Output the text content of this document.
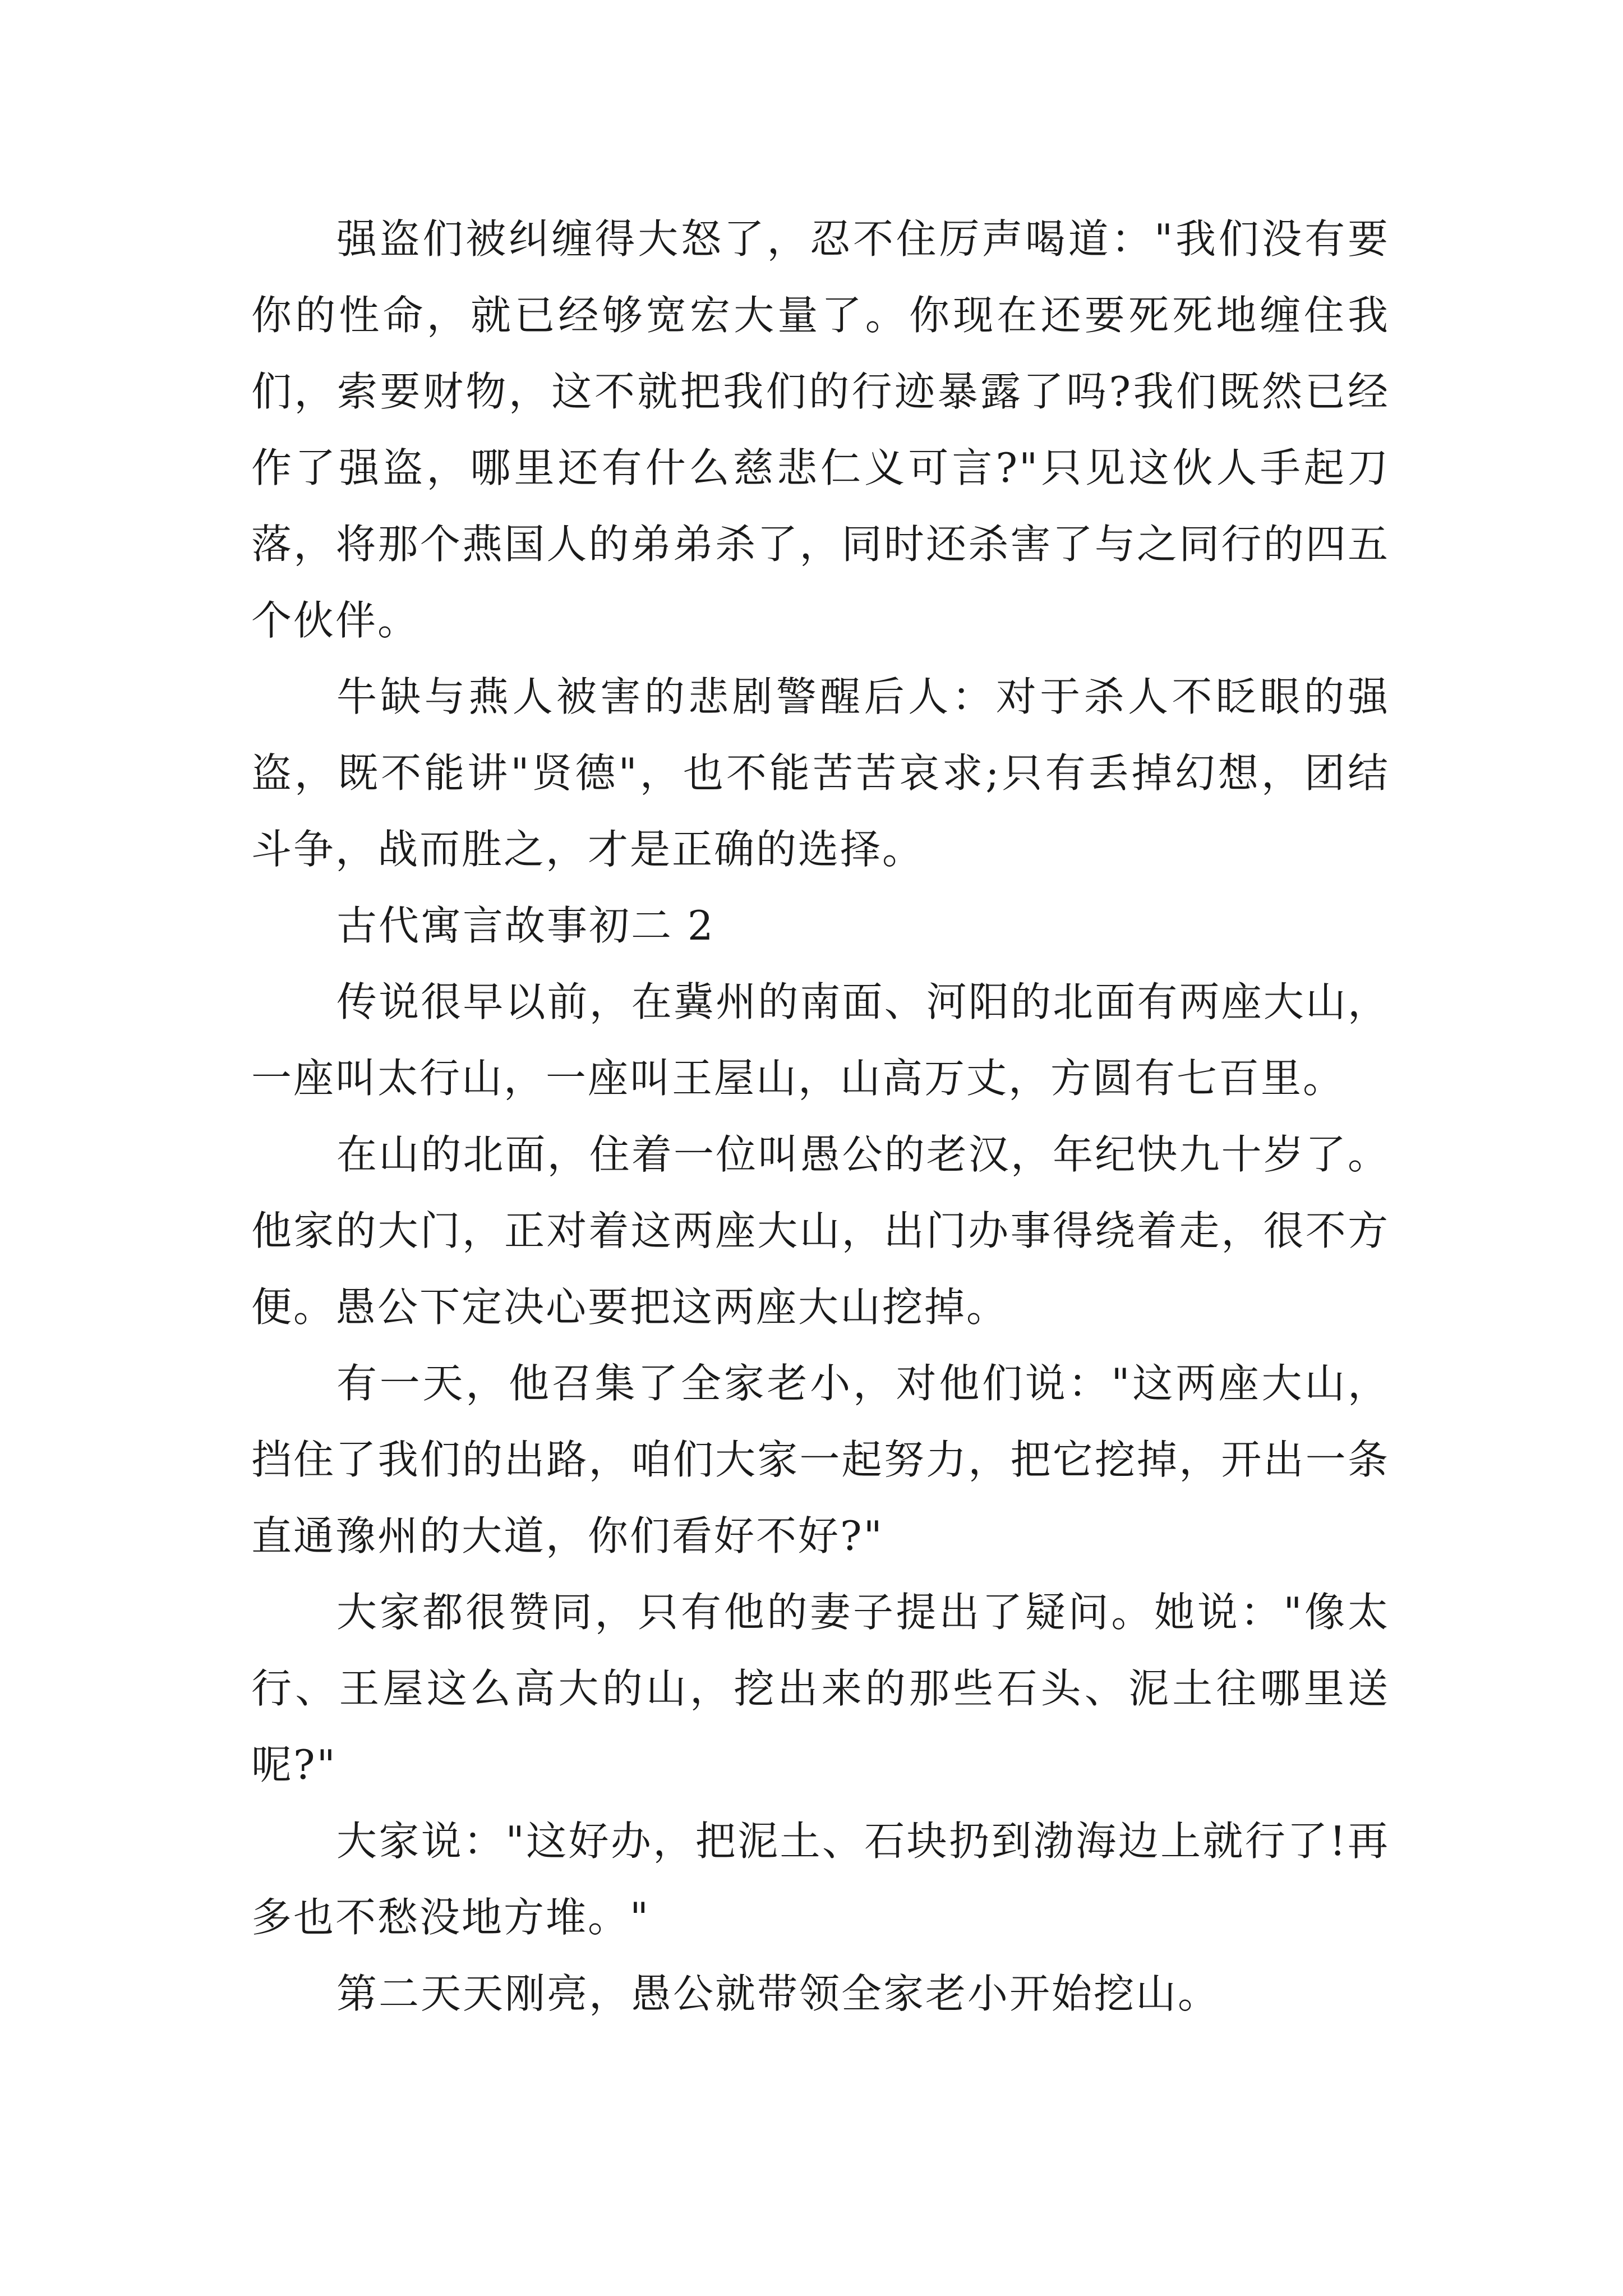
强盗们被纠缠得大怒了，忍不住厉声喝道："我们没有要你的性命，就已经够宽宏大量了。你现在还要死死地缠住我们，索要财物，这不就把我们的行迹暴露了吗?我们既然已经作了强盗，哪里还有什么慈悲仁义可言?"只见这伙人手起刀落，将那个燕国人的弟弟杀了，同时还杀害了与之同行的四五个伙伴。

牛缺与燕人被害的悲剧警醒后人：对于杀人不眨眼的强盗，既不能讲"贤德"，也不能苦苦哀求;只有丢掉幻想，团结斗争，战而胜之，才是正确的选择。

古代寓言故事初二 2

传说很早以前，在冀州的南面、河阳的北面有两座大山，一座叫太行山，一座叫王屋山，山高万丈，方圆有七百里。

在山的北面，住着一位叫愚公的老汉，年纪快九十岁了。他家的大门，正对着这两座大山，出门办事得绕着走，很不方便。愚公下定决心要把这两座大山挖掉。

有一天，他召集了全家老小，对他们说："这两座大山，挡住了我们的出路，咱们大家一起努力，把它挖掉，开出一条直通豫州的大道，你们看好不好?"

大家都很赞同，只有他的妻子提出了疑问。她说："像太行、王屋这么高大的山，挖出来的那些石头、泥土往哪里送呢?"

大家说："这好办，把泥土、石块扔到渤海边上就行了!再多也不愁没地方堆。"

第二天天刚亮，愚公就带领全家老小开始挖山。
